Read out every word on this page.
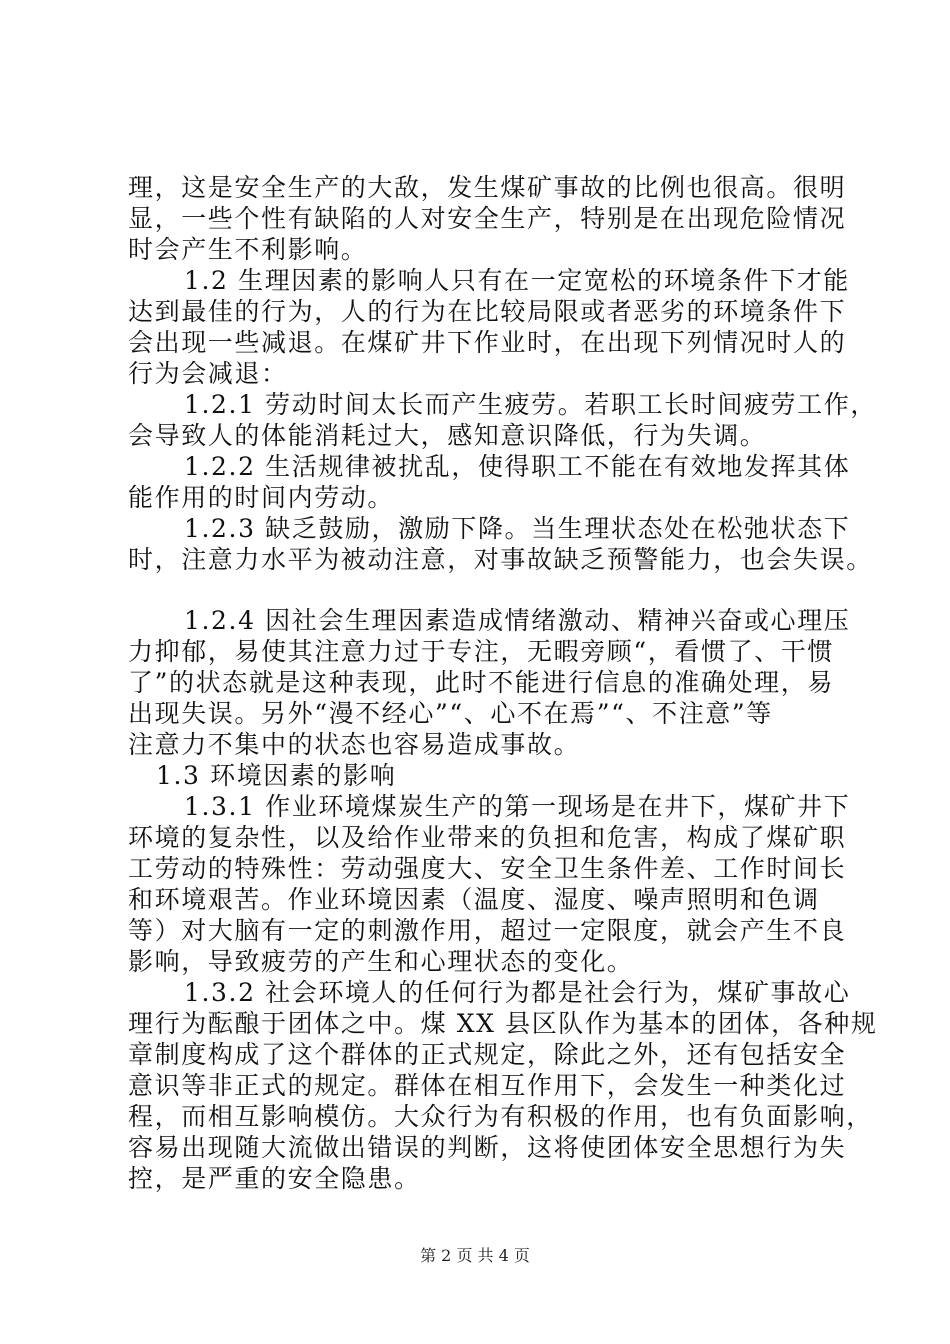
理，这是安全生产的大敌，发生煤矿事故的比例也很高。很明
显，一些个性有缺陷的人对安全生产，特别是在出现危险情况
时会产生不利影响。
1.2 生理因素的影响人只有在一定宽松的环境条件下才能
达到最佳的行为，人的行为在比较局限或者恶劣的环境条件下
会出现一些减退。在煤矿井下作业时，在出现下列情况时人的
行为会减退：
1.2.1 劳动时间太长而产生疲劳。若职工长时间疲劳工作，
会导致人的体能消耗过大，感知意识降低，行为失调。
1.2.2 生活规律被扰乱，使得职工不能在有效地发挥其体
能作用的时间内劳动。
1.2.3 缺乏鼓励，激励下降。当生理状态处在松弛状态下
时，注意力水平为被动注意，对事故缺乏预警能力，也会失误。
1.2.4 因社会生理因素造成情绪激动、精神兴奋或心理压
力抑郁，易使其注意力过于专注，无暇旁顾“，看惯了、干惯
了”的状态就是这种表现，此时不能进行信息的准确处理，易
出现失误。另外“漫不经心”“、心不在焉”“、不注意”等
注意力不集中的状态也容易造成事故。
1.3 环境因素的影响
1.3.1 作业环境煤炭生产的第一现场是在井下，煤矿井下
环境的复杂性，以及给作业带来的负担和危害，构成了煤矿职
工劳动的特殊性：劳动强度大、安全卫生条件差、工作时间长
和环境艰苦。作业环境因素（温度、湿度、噪声照明和色调
等）对大脑有一定的刺激作用，超过一定限度，就会产生不良
影响，导致疲劳的产生和心理状态的变化。
1.3.2 社会环境人的任何行为都是社会行为，煤矿事故心
理行为酝酿于团体之中。煤 XX 县区队作为基本的团体，各种规
章制度构成了这个群体的正式规定，除此之外，还有包括安全
意识等非正式的规定。群体在相互作用下，会发生一种类化过
程，而相互影响模仿。大众行为有积极的作用，也有负面影响，
容易出现随大流做出错误的判断，这将使团体安全思想行为失
控，是严重的安全隐患。
第 2 页 共 4 页
